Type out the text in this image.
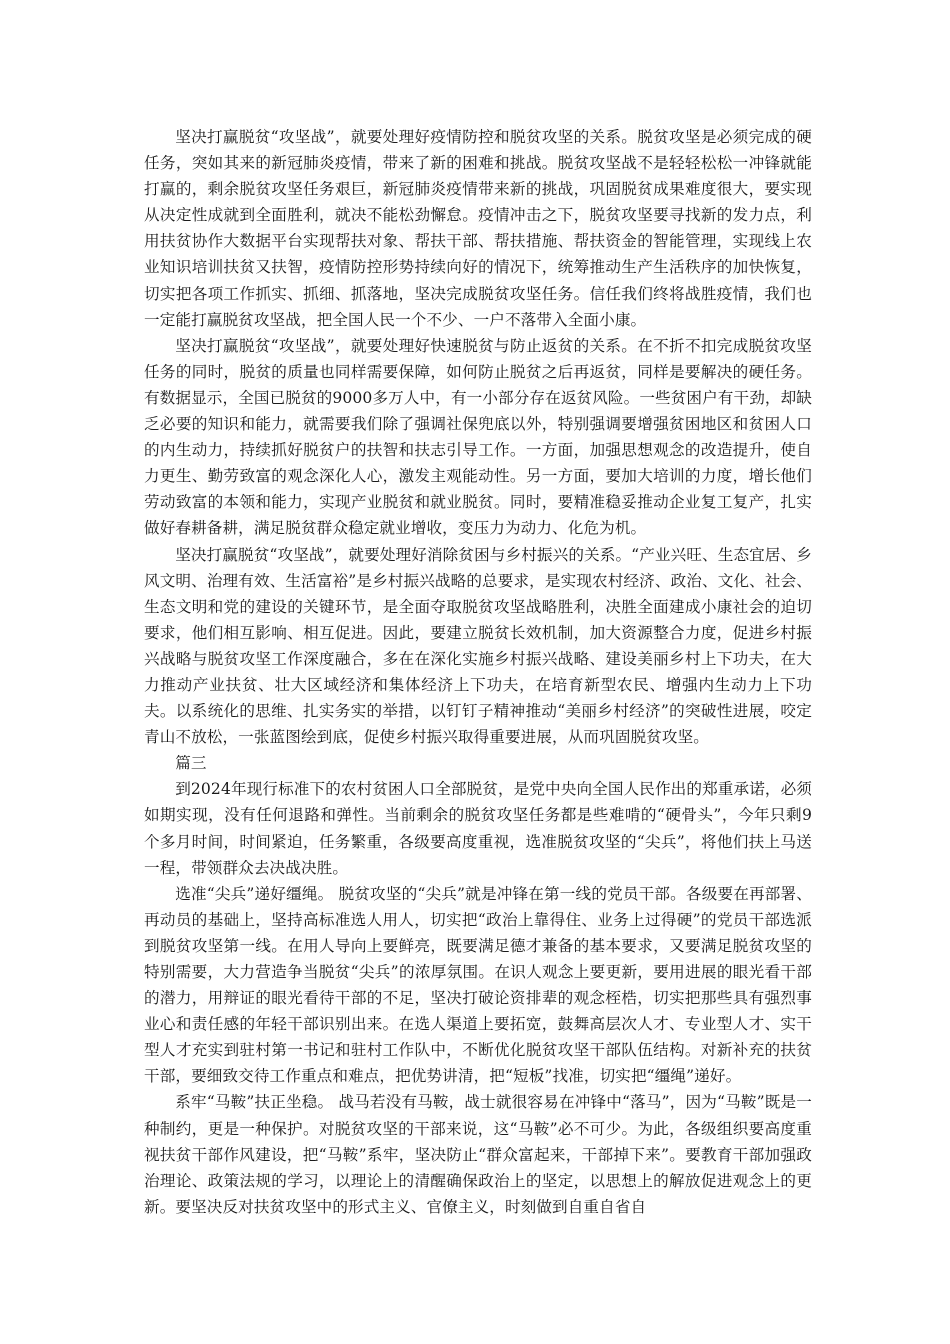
坚决打赢脱贫“攻坚战”，就要处理好疫情防控和脱贫攻坚的关系。脱贫攻坚是必须完成的硬任务，突如其来的新冠肺炎疫情，带来了新的困难和挑战。脱贫攻坚战不是轻轻松松一冲锋就能打赢的，剩余脱贫攻坚任务艰巨，新冠肺炎疫情带来新的挑战，巩固脱贫成果难度很大，要实现从决定性成就到全面胜利，就决不能松劲懈怠。疫情冲击之下，脱贫攻坚要寻找新的发力点，利用扶贫协作大数据平台实现帮扶对象、帮扶干部、帮扶措施、帮扶资金的智能管理，实现线上农业知识培训扶贫又扶智，疫情防控形势持续向好的情况下，统筹推动生产生活秩序的加快恢复，切实把各项工作抓实、抓细、抓落地，坚决完成脱贫攻坚任务。信任我们终将战胜疫情，我们也一定能打赢脱贫攻坚战，把全国人民一个不少、一户不落带入全面小康。

坚决打赢脱贫“攻坚战”，就要处理好快速脱贫与防止返贫的关系。在不折不扣完成脱贫攻坚任务的同时，脱贫的质量也同样需要保障，如何防止脱贫之后再返贫，同样是要解决的硬任务。有数据显示，全国已脱贫的9000多万人中，有一小部分存在返贫风险。一些贫困户有干劲，却缺乏必要的知识和能力，就需要我们除了强调社保兜底以外，特别强调要增强贫困地区和贫困人口的内生动力，持续抓好脱贫户的扶智和扶志引导工作。一方面，加强思想观念的改造提升，使自力更生、勤劳致富的观念深化人心，激发主观能动性。另一方面，要加大培训的力度，增长他们劳动致富的本领和能力，实现产业脱贫和就业脱贫。同时，要精准稳妥推动企业复工复产，扎实做好春耕备耕，满足脱贫群众稳定就业增收，变压力为动力、化危为机。

坚决打赢脱贫“攻坚战”，就要处理好消除贫困与乡村振兴的关系。“产业兴旺、生态宜居、乡风文明、治理有效、生活富裕”是乡村振兴战略的总要求，是实现农村经济、政治、文化、社会、生态文明和党的建设的关键环节，是全面夺取脱贫攻坚战略胜利，决胜全面建成小康社会的迫切要求，他们相互影响、相互促进。因此，要建立脱贫长效机制，加大资源整合力度，促进乡村振兴战略与脱贫攻坚工作深度融合，多在在深化实施乡村振兴战略、建设美丽乡村上下功夫，在大力推动产业扶贫、壮大区域经济和集体经济上下功夫，在培育新型农民、增强内生动力上下功夫。以系统化的思维、扎实务实的举措，以钉钉子精神推动“美丽乡村经济”的突破性进展，咬定青山不放松，一张蓝图绘到底，促使乡村振兴取得重要进展，从而巩固脱贫攻坚。

篇三

到2024年现行标准下的农村贫困人口全部脱贫，是党中央向全国人民作出的郑重承诺，必须如期实现，没有任何退路和弹性。当前剩余的脱贫攻坚任务都是些难啃的“硬骨头”，今年只剩9个多月时间，时间紧迫，任务繁重，各级要高度重视，选准脱贫攻坚的“尖兵”，将他们扶上马送一程，带领群众去决战决胜。

选准“尖兵”递好缰绳。 脱贫攻坚的“尖兵”就是冲锋在第一线的党员干部。各级要在再部署、再动员的基础上，坚持高标准选人用人，切实把“政治上靠得住、业务上过得硬”的党员干部选派到脱贫攻坚第一线。在用人导向上要鲜亮，既要满足德才兼备的基本要求，又要满足脱贫攻坚的特别需要，大力营造争当脱贫“尖兵”的浓厚氛围。在识人观念上要更新，要用进展的眼光看干部的潜力，用辩证的眼光看待干部的不足，坚决打破论资排辈的观念桎梏，切实把那些具有强烈事业心和责任感的年轻干部识别出来。在选人渠道上要拓宽，鼓舞高层次人才、专业型人才、实干型人才充实到驻村第一书记和驻村工作队中，不断优化脱贫攻坚干部队伍结构。对新补充的扶贫干部，要细致交待工作重点和难点，把优势讲清，把“短板”找准，切实把“缰绳”递好。

系牢“马鞍”扶正坐稳。 战马若没有马鞍，战士就很容易在冲锋中“落马”，因为“马鞍”既是一种制约，更是一种保护。对脱贫攻坚的干部来说，这“马鞍”必不可少。为此，各级组织要高度重视扶贫干部作风建设，把“马鞍”系牢，坚决防止“群众富起来，干部掉下来”。要教育干部加强政治理论、政策法规的学习，以理论上的清醒确保政治上的坚定，以思想上的解放促进观念上的更新。要坚决反对扶贫攻坚中的形式主义、官僚主义，时刻做到自重自省自
